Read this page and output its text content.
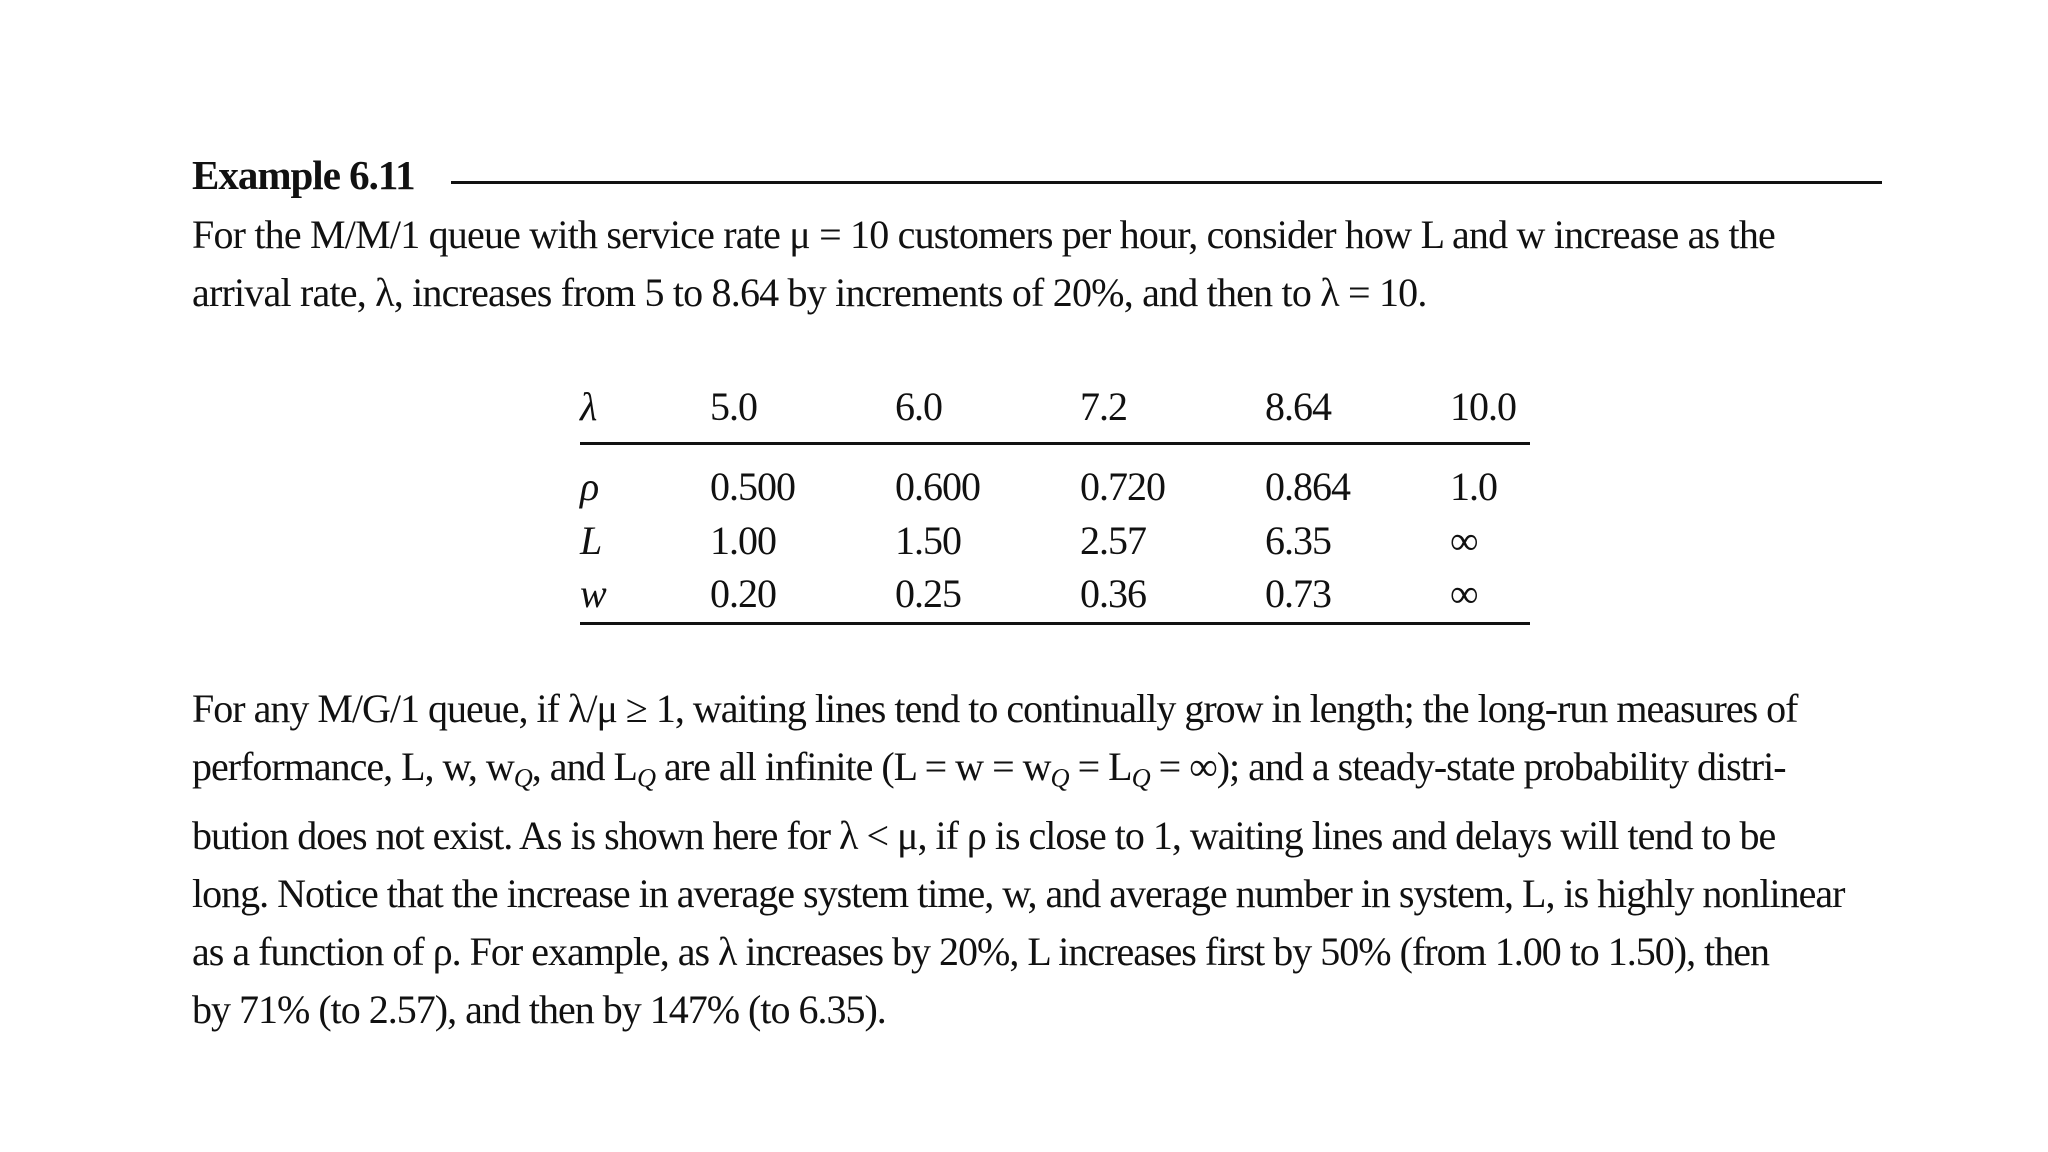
Example 6.11

For the M/M/1 queue with service rate μ = 10 customers per hour, consider how L and w increase as the

arrival rate, λ, increases from 5 to 8.64 by increments of 20%, and then to λ = 10.

λ	5.0	6.0	7.2	8.64	10.0
ρ	0.500	0.600	0.720	0.864	1.0
L	1.00	1.50	2.57	6.35	∞
w	0.20	0.25	0.36	0.73	∞

For any M/G/1 queue, if λ/μ ≥ 1, waiting lines tend to continually grow in length; the long-run measures of

performance, L, w, $w_Q$, and $L_Q$ are all infinite ($L = w = w_Q = L_Q$ = ∞); and a steady-state probability distri-

bution does not exist. As is shown here for λ < μ, if ρ is close to 1, waiting lines and delays will tend to be

long. Notice that the increase in average system time, w, and average number in system, L, is highly nonlinear

as a function of ρ. For example, as λ increases by 20%, L increases first by 50% (from 1.00 to 1.50), then

by 71% (to 2.57), and then by 147% (to 6.35).
